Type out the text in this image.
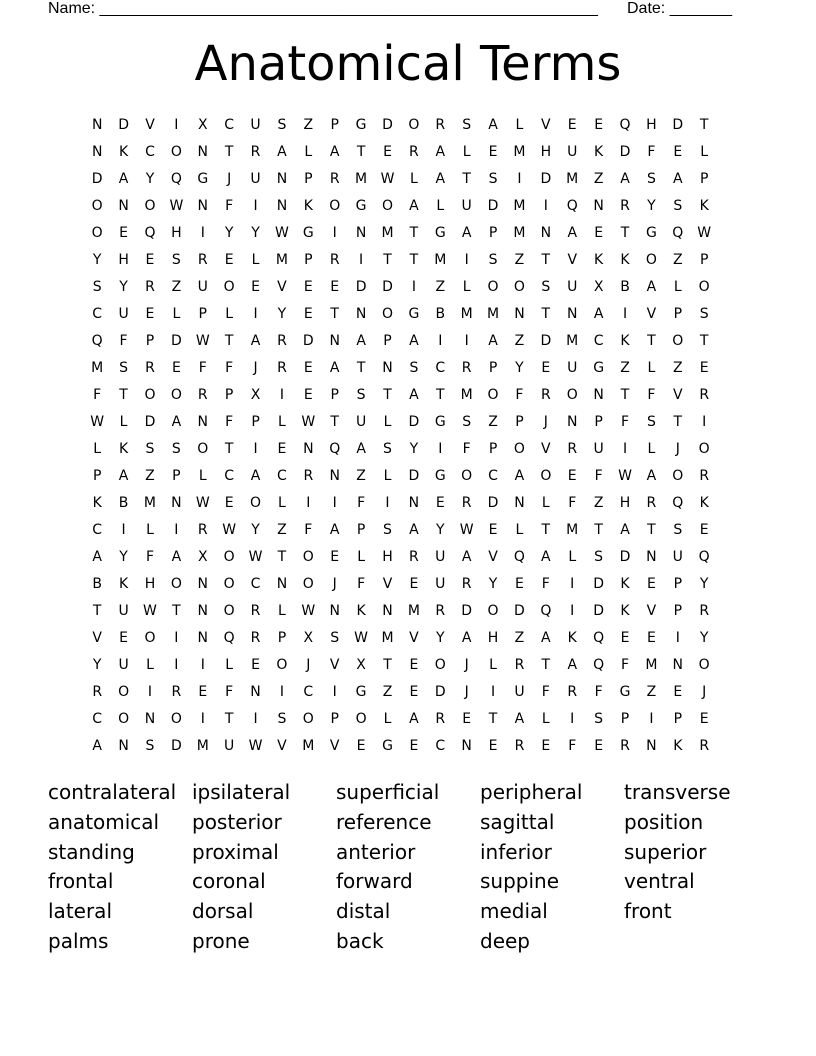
Name: ________________________________________________________ Date: _______
Anatomical Terms
N	D	V	I	X	C	U	S	Z	P	G	D	O	R	S	A	L	V	E	E	Q	H	D	T
N	K	C	O	N	T	R	A	L	A	T	E	R	A	L	E	M	H	U	K	D	F	E	L
D	A	Y	Q	G	J	U	N	P	R	M W	L	A	T	S	I	D	M	Z	A	S	A	P
O	N	O W	N	F	I	N	K	O	G	O	A	L	U	D	M	I	Q	N	R	Y	S	K
O	E	Q	H	I	Y	Y	W	G	I	N	M	T	G	A	P	M	N	A	E	T	G	Q W
Y	H	E	S	R	E	L	M	P	R	I	T	T	M	I	S	Z	T	V	K	K	O	Z	P
S	Y	R	Z	U	O	E	V	E	E	D	D	I	Z	L	O	O	S	U	X	B	A	L	O
C	U	E	L	P	L	I	Y	E	T	N	O	G	B	M	M	N	T	N	A	I	V	P	S
Q	F	P	D	W	T	A	R	D	N	A	P	A	I	I	A	Z	D	M	C	K	T	O	T
M	S	R	E	F	F	J	R	E	A	T	N	S	C	R	P	Y	E	U	G	Z	L	Z	E
F	T	O	O	R	P	X	I	E	P	S	T	A	T	M	O	F	R	O	N	T	F	V	R
W	L	D	A	N	F	P	L	W	T	U	L	D	G	S	Z	P	J	N	P	F	S	T	I
L	K	S	S	O	T	I	E	N	Q	A	S	Y	I	F	P	O	V	R	U	I	L	J	O
P	A	Z	P	L	C	A	C	R	N	Z	L	D	G	O	C	A	O	E	F	W	A	O	R
K	B	M	N	W	E	O	L	I	I	F	I	N	E	R	D	N	L	F	Z	H	R	Q	K
C	I	L	I	R	W	Y	Z	F	A	P	S	A	Y	W	E	L	T	M	T	A	T	S	E
A	Y	F	A	X	O W	T	O	E	L	H	R	U	A	V	Q	A	L	S	D	N	U	Q
B	K	H	O	N	O	C	N	O	J	F	V	E	U	R	Y	E	F	I	D	K	E	P	Y
T	U	W	T	N	O	R	L	W	N	K	N	M	R	D	O	D	Q	I	D	K	V	P	R
V	E	O	I	N	Q	R	P	X	S	W M	V	Y	A	H	Z	A	K	Q	E	E	I	Y
Y	U	L	I	I	L	E	O	J	V	X	T	E	O	J	L	R	T	A	Q	F	M	N	O
R	O	I	R	E	F	N	I	C	I	G	Z	E	D	J	I	U	F	R	F	G	Z	E	J
C	O	N	O	I	T	I	S	O	P	O	L	A	R	E	T	A	L	I	S	P	I	P	E
A	N	S	D	M	U	W	V	M	V	E	G	E	C	N	E	R	E	F	E	R	N	K	R
contralateral ipsilateral	superficial	peripheral	transverse
anatomical	posterior	reference	sagittal	position
standing	proximal	anterior	inferior	superior
frontal	coronal	forward	suppine	ventral
lateral	dorsal	distal	medial	front
palms	prone	back	deep
